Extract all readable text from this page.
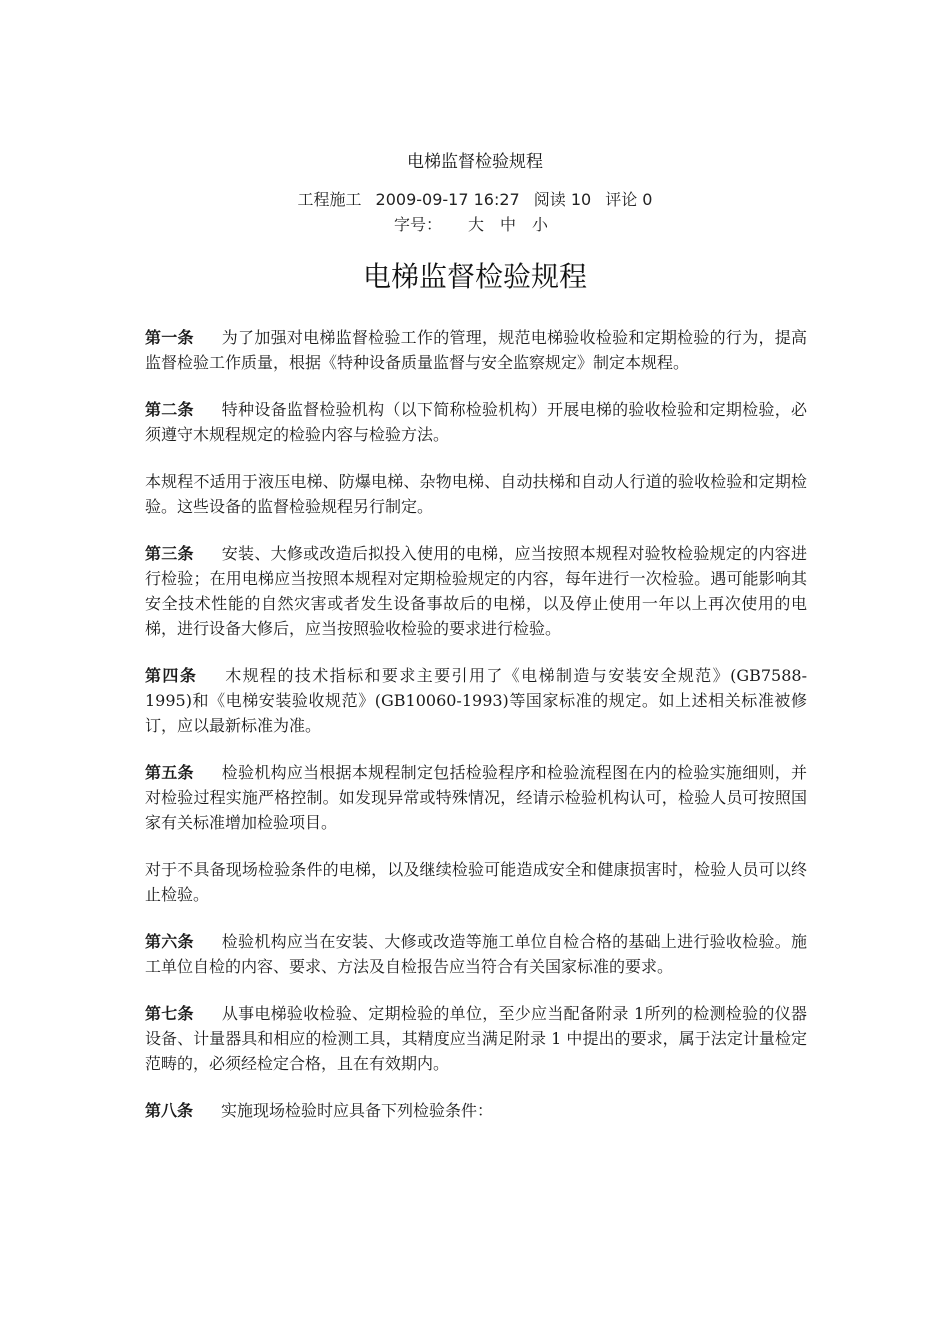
电梯监督检验规程
工程施工 2009-09-17 16:27 阅读 10 评论 0
字号： 大 中 小
电梯监督检验规程

第一条 为了加强对电梯监督检验工作的管理，规范电梯验收检验和定期检验的行为，提高监督检验工作质量，根据《特种设备质量监督与安全监察规定》制定本规程。

第二条 特种设备监督检验机构（以下简称检验机构）开展电梯的验收检验和定期检验，必须遵守木规程规定的检验内容与检验方法。

本规程不适用于液压电梯、防爆电梯、杂物电梯、自动扶梯和自动人行道的验收检验和定期检验。这些设备的监督检验规程另行制定。

第三条 安装、大修或改造后拟投入使用的电梯，应当按照本规程对验牧检验规定的内容进行检验；在用电梯应当按照本规程对定期检验规定的内容，每年进行一次检验。遇可能影响其安全技术性能的自然灾害或者发生设备事故后的电梯，以及停止使用一年以上再次使用的电梯，进行设备大修后，应当按照验收检验的要求进行检验。

第四条 木规程的技术指标和要求主要引用了《电梯制造与安装安全规范》(GB7588-1995)和《电梯安装验收规范》(GB10060-1993)等国家标准的规定。如上述相关标准被修订，应以最新标准为准。

第五条 检验机构应当根据本规程制定包括检验程序和检验流程图在内的检验实施细则，并对检验过程实施严格控制。如发现异常或特殊情况，经请示检验机构认可，检验人员可按照国家有关标准增加检验项目。

对于不具备现场检验条件的电梯，以及继续检验可能造成安全和健康损害时，检验人员可以终止检验。

第六条 检验机构应当在安装、大修或改造等施工单位自检合格的基础上进行验收检验。施工单位自检的内容、要求、方法及自检报告应当符合有关国家标准的要求。

第七条 从事电梯验收检验、定期检验的单位，至少应当配备附录 1所列的检测检验的仪器设备、计量器具和相应的检测工具，其精度应当满足附录 1 中提出的要求，属于法定计量检定范畴的，必须经检定合格，且在有效期内。

第八条 实施现场检验时应具备下列检验条件：
